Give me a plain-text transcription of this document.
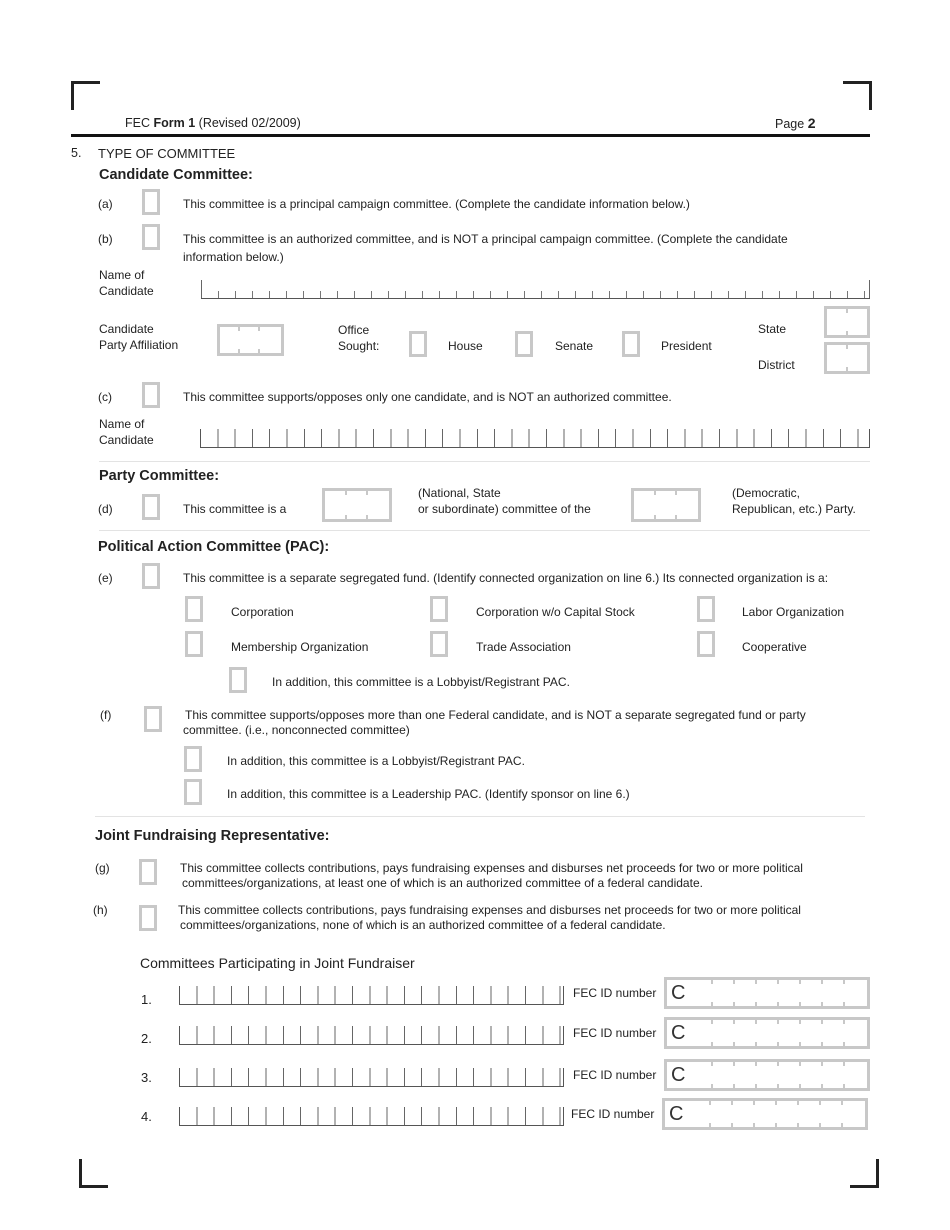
FEC Form 1 (Revised 02/2009)	Page 2
5. TYPE OF COMMITTEE
Candidate Committee:
(a)	This committee is a principal campaign committee. (Complete the candidate information below.)
(b)	This committee is an authorized committee, and is NOT a principal campaign committee. (Complete the candidate
information below.)
Name of
Candidate
Candidate
Party Affiliation
Office
Sought:	House	Senate	President
State
District
(c)	This committee supports/opposes only one candidate, and is NOT an authorized committee.
Name of
Candidate
Party Committee:
(d)	This committee is a
(National, State
or subordinate) committee of the
(Democratic,
Republican, etc.) Party.
Political Action Committee (PAC):
(e)	This committee is a separate segregated fund. (Identify connected organization on line 6.) Its connected organization is a:
Corporation	Corporation w/o Capital Stock	Labor Organization
Membership Organization	Trade Association	Cooperative
In addition, this committee is a Lobbyist/Registrant PAC.
(f)	This committee supports/opposes more than one Federal candidate, and is NOT a separate segregated fund or party
committee. (i.e., nonconnected committee)
In addition, this committee is a Lobbyist/Registrant PAC.
In addition, this committee is a Leadership PAC. (Identify sponsor on line 6.)
Joint Fundraising Representative:
(g)	This committee collects contributions, pays fundraising expenses and disburses net proceeds for two or more political
committees/organizations, at least one of which is an authorized committee of a federal candidate.
(h)	This committee collects contributions, pays fundraising expenses and disburses net proceeds for two or more political
committees/organizations, none of which is an authorized committee of a federal candidate.
Committees Participating in Joint Fundraiser
1.	FEC ID number C
2.	FEC ID number C
3.	FEC ID number C
4.	FEC ID number C
